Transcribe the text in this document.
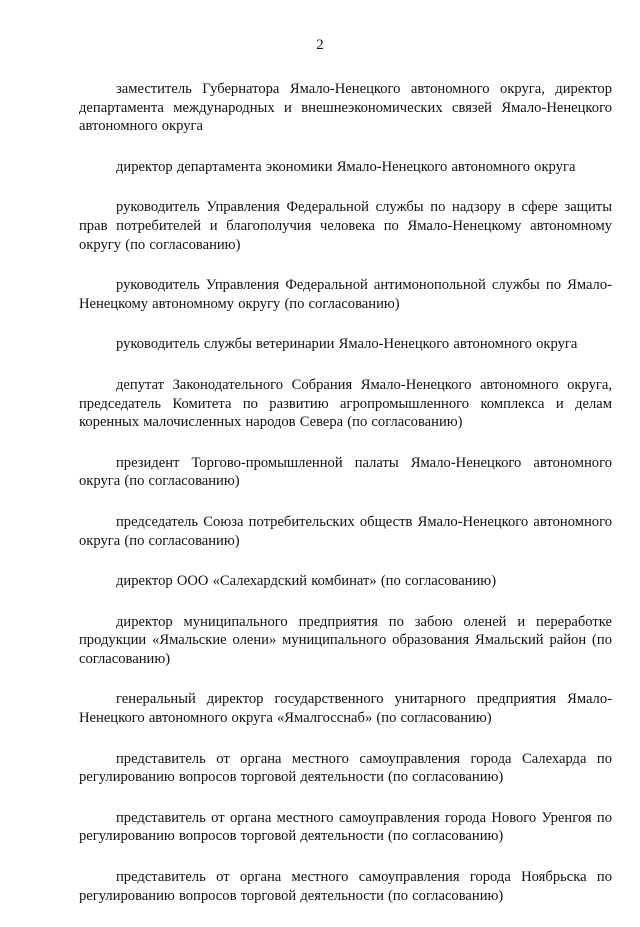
2

заместитель Губернатора Ямало-Ненецкого автономного округа, директор департамента международных и внешнеэкономических связей Ямало-Ненецкого автономного округа

директор департамента экономики Ямало-Ненецкого автономного округа

руководитель Управления Федеральной службы по надзору в сфере защиты прав потребителей и благополучия человека по Ямало-Ненецкому автономному округу (по согласованию)

руководитель Управления Федеральной антимонопольной службы по Ямало-Ненецкому автономному округу (по согласованию)

руководитель службы ветеринарии Ямало-Ненецкого автономного округа

депутат Законодательного Собрания Ямало-Ненецкого автономного округа, председатель Комитета по развитию агропромышленного комплекса и делам коренных малочисленных народов Севера (по согласованию)

президент Торгово-промышленной палаты Ямало-Ненецкого автономного округа (по согласованию)

председатель Союза потребительских обществ Ямало-Ненецкого автономного округа (по согласованию)

директор ООО «Салехардский комбинат» (по согласованию)

директор муниципального предприятия по забою оленей и переработке продукции «Ямальские олени» муниципального образования Ямальский район (по согласованию)

генеральный директор государственного унитарного предприятия Ямало-Ненецкого автономного округа «Ямалгосснаб» (по согласованию)

представитель от органа местного самоуправления города Салехарда по регулированию вопросов торговой деятельности (по согласованию)

представитель от органа местного самоуправления города Нового Уренгоя по регулированию вопросов торговой деятельности (по согласованию)

представитель от органа местного самоуправления города Ноябрьска по регулированию вопросов торговой деятельности (по согласованию)
